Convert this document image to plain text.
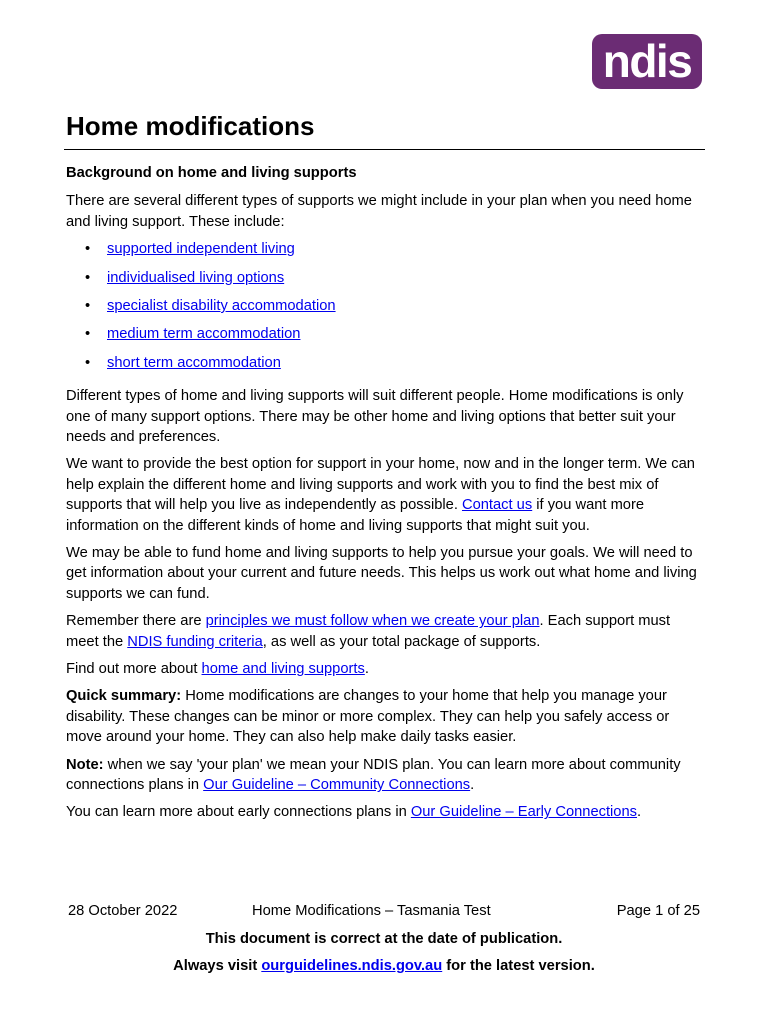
ndis
Home modifications

Background on home and living supports

There are several different types of supports we might include in your plan when you need home and living support. These include:

• supported independent living
• individualised living options
• specialist disability accommodation
• medium term accommodation
• short term accommodation

Different types of home and living supports will suit different people. Home modifications is only one of many support options. There may be other home and living options that better suit your needs and preferences.

We want to provide the best option for support in your home, now and in the longer term. We can help explain the different home and living supports and work with you to find the best mix of supports that will help you live as independently as possible. Contact us if you want more information on the different kinds of home and living supports that might suit you.

We may be able to fund home and living supports to help you pursue your goals. We will need to get information about your current and future needs. This helps us work out what home and living supports we can fund.

Remember there are principles we must follow when we create your plan. Each support must meet the NDIS funding criteria, as well as your total package of supports.

Find out more about home and living supports.

Quick summary: Home modifications are changes to your home that help you manage your disability. These changes can be minor or more complex. They can help you safely access or move around your home. They can also help make daily tasks easier.

Note: when we say 'your plan' we mean your NDIS plan. You can learn more about community connections plans in Our Guideline – Community Connections.

You can learn more about early connections plans in Our Guideline – Early Connections.

28 October 2022	Home Modifications – Tasmania Test	Page 1 of 25
This document is correct at the date of publication.
Always visit ourguidelines.ndis.gov.au for the latest version.
